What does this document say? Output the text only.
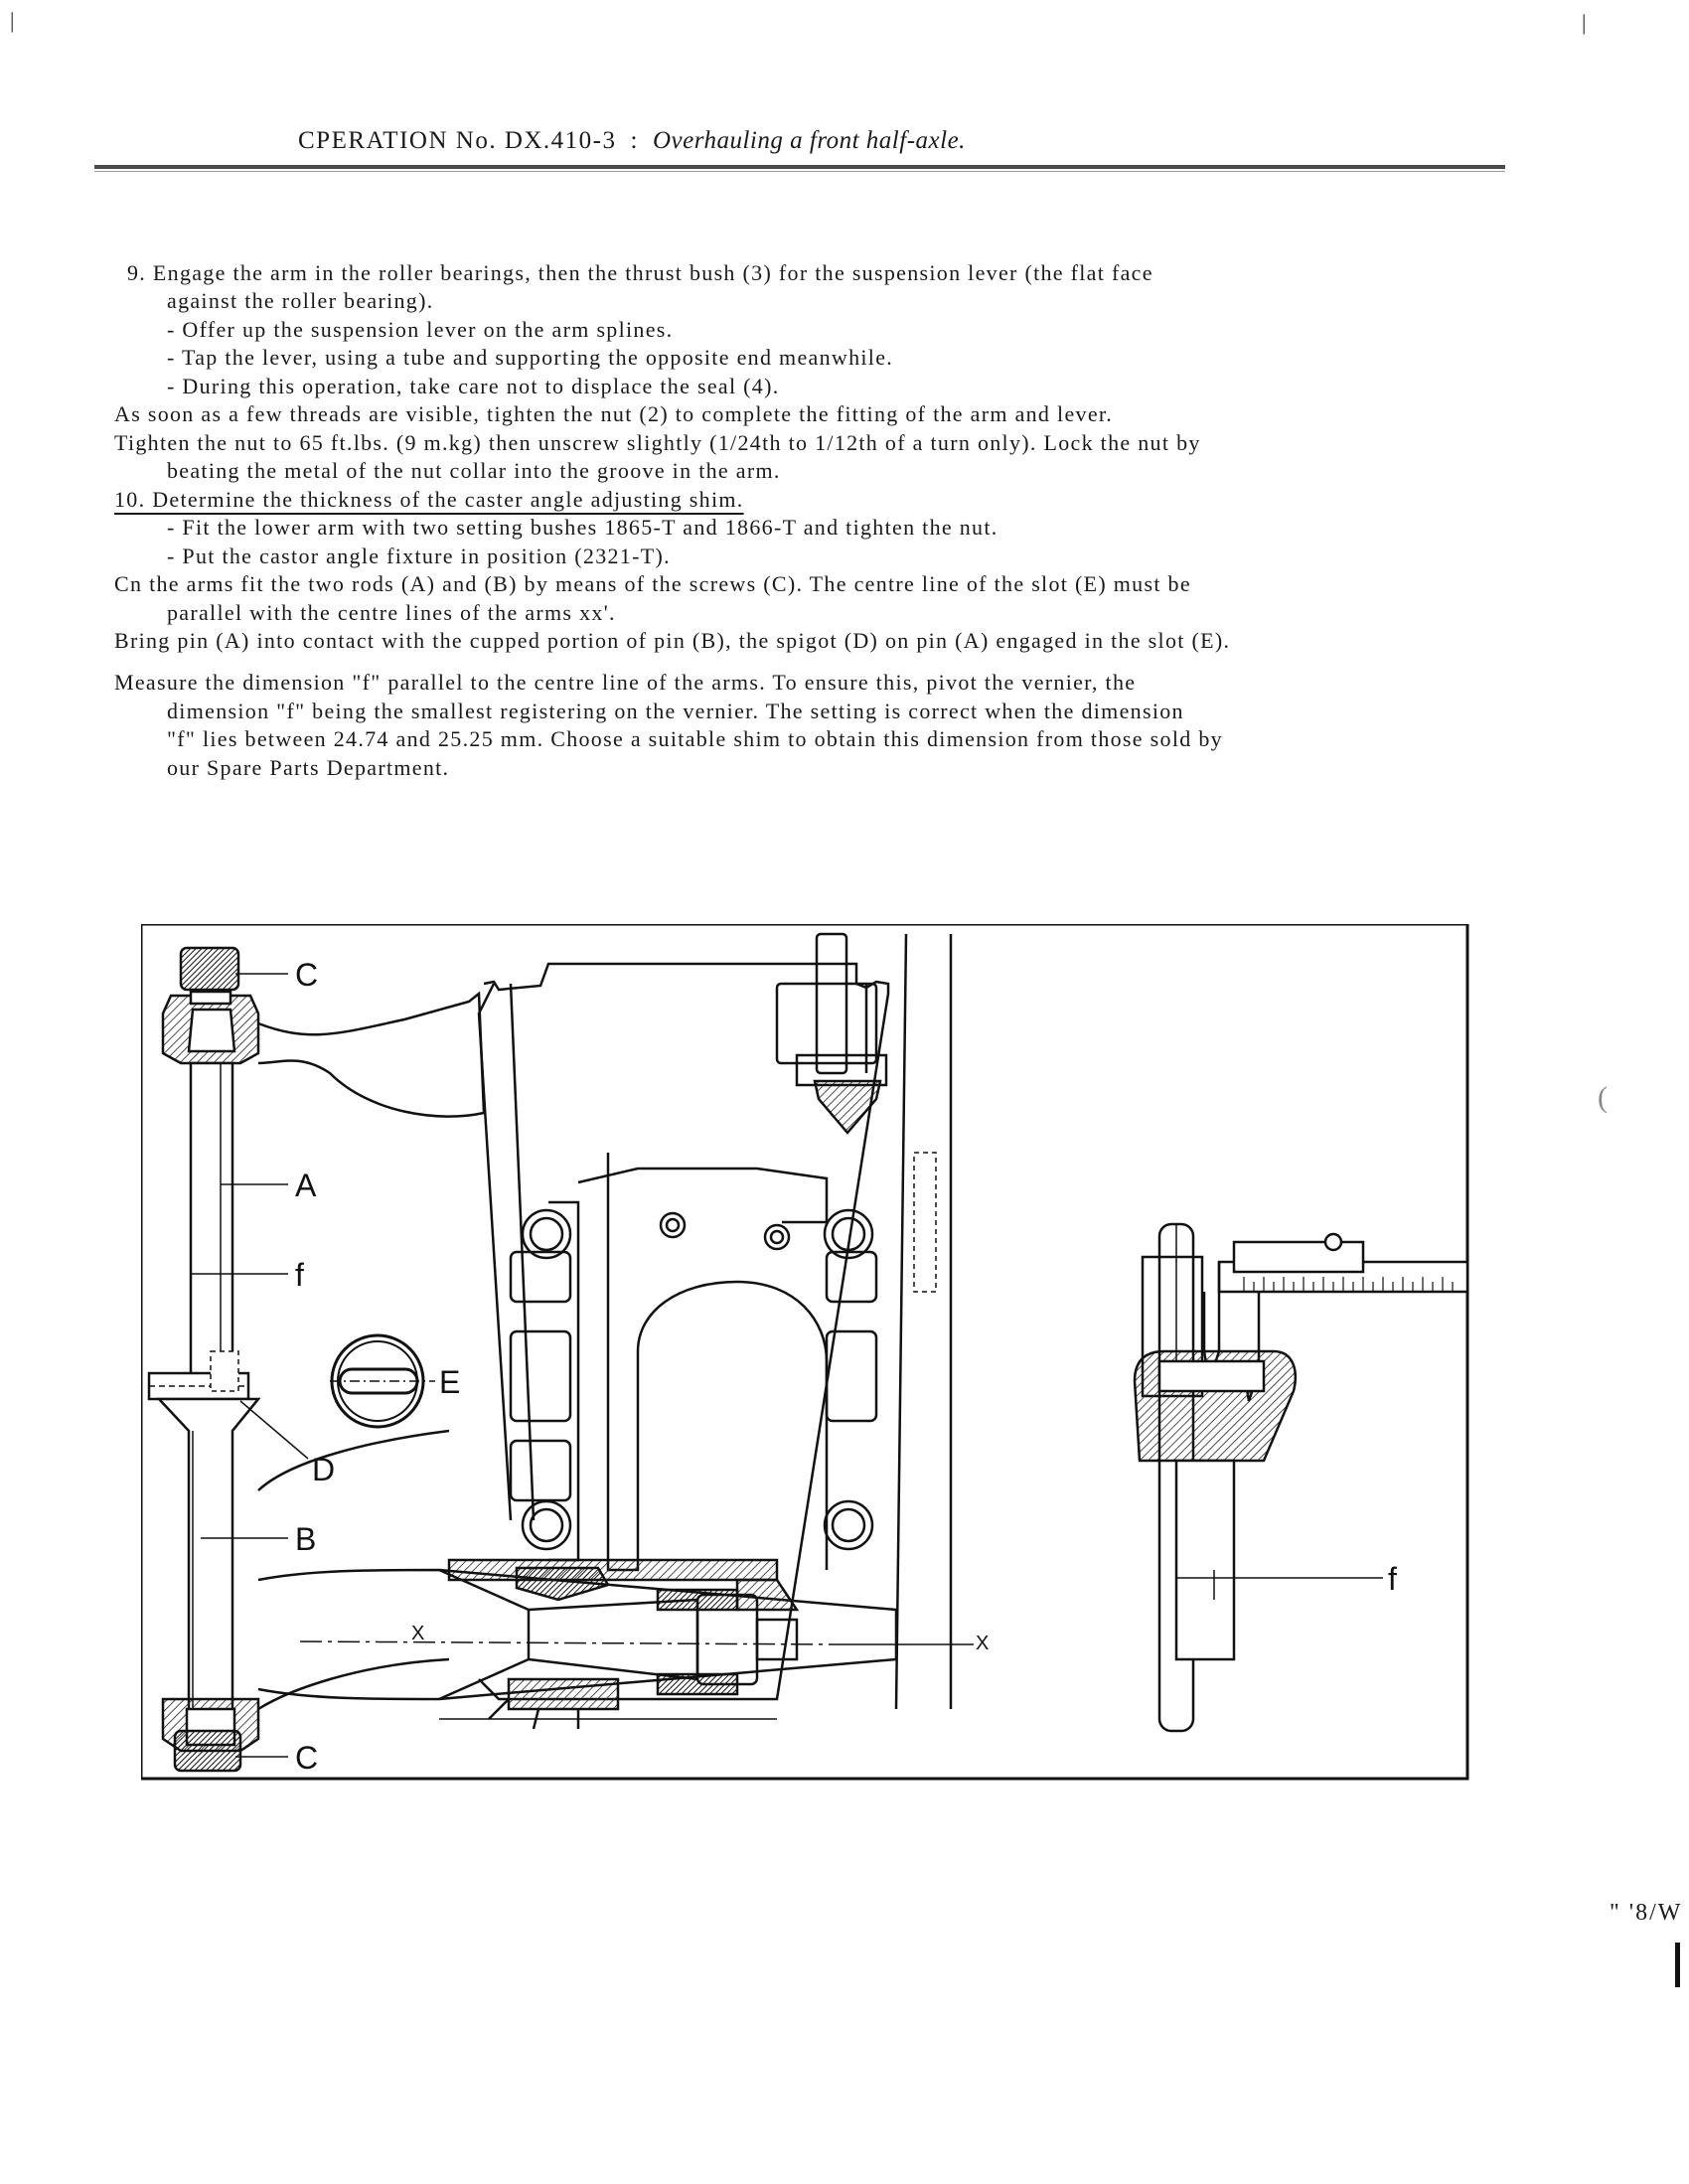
CPERATION No. DX.410-3 : Overhauling a front half-axle.
9. Engage the arm in the roller bearings, then the thrust bush (3) for the suspension lever (the flat face
against the roller bearing).
- Offer up the suspension lever on the arm splines.
- Tap the lever, using a tube and supporting the opposite end meanwhile.
- During this operation, take care not to displace the seal (4).
As soon as a few threads are visible, tighten the nut (2) to complete the fitting of the arm and lever.
Tighten the nut to 65 ft.lbs. (9 m.kg) then unscrew slightly (1/24th to 1/12th of a turn only). Lock the nut by
beating the metal of the nut collar into the groove in the arm.
10. Determine the thickness of the caster angle adjusting shim.
- Fit the lower arm with two setting bushes 1865-T and 1866-T and tighten the nut.
- Put the castor angle fixture in position (2321-T).
Cn the arms fit the two rods (A) and (B) by means of the screws (C). The centre line of the slot (E) must be
parallel with the centre lines of the arms xx'.
Bring pin (A) into contact with the cupped portion of pin (B), the spigot (D) on pin (A) engaged in the slot (E).
Measure the dimension "f" parallel to the centre line of the arms. To ensure this, pivot the vernier, the
dimension "f" being the smallest registering on the vernier. The setting is correct when the dimension
"f" lies between 24.74 and 25.25 mm. Choose a suitable shim to obtain this dimension from those sold by
our Spare Parts Department.
C
A
f
E
D
B
C
X	X
f
|	|
(
" '8/W
